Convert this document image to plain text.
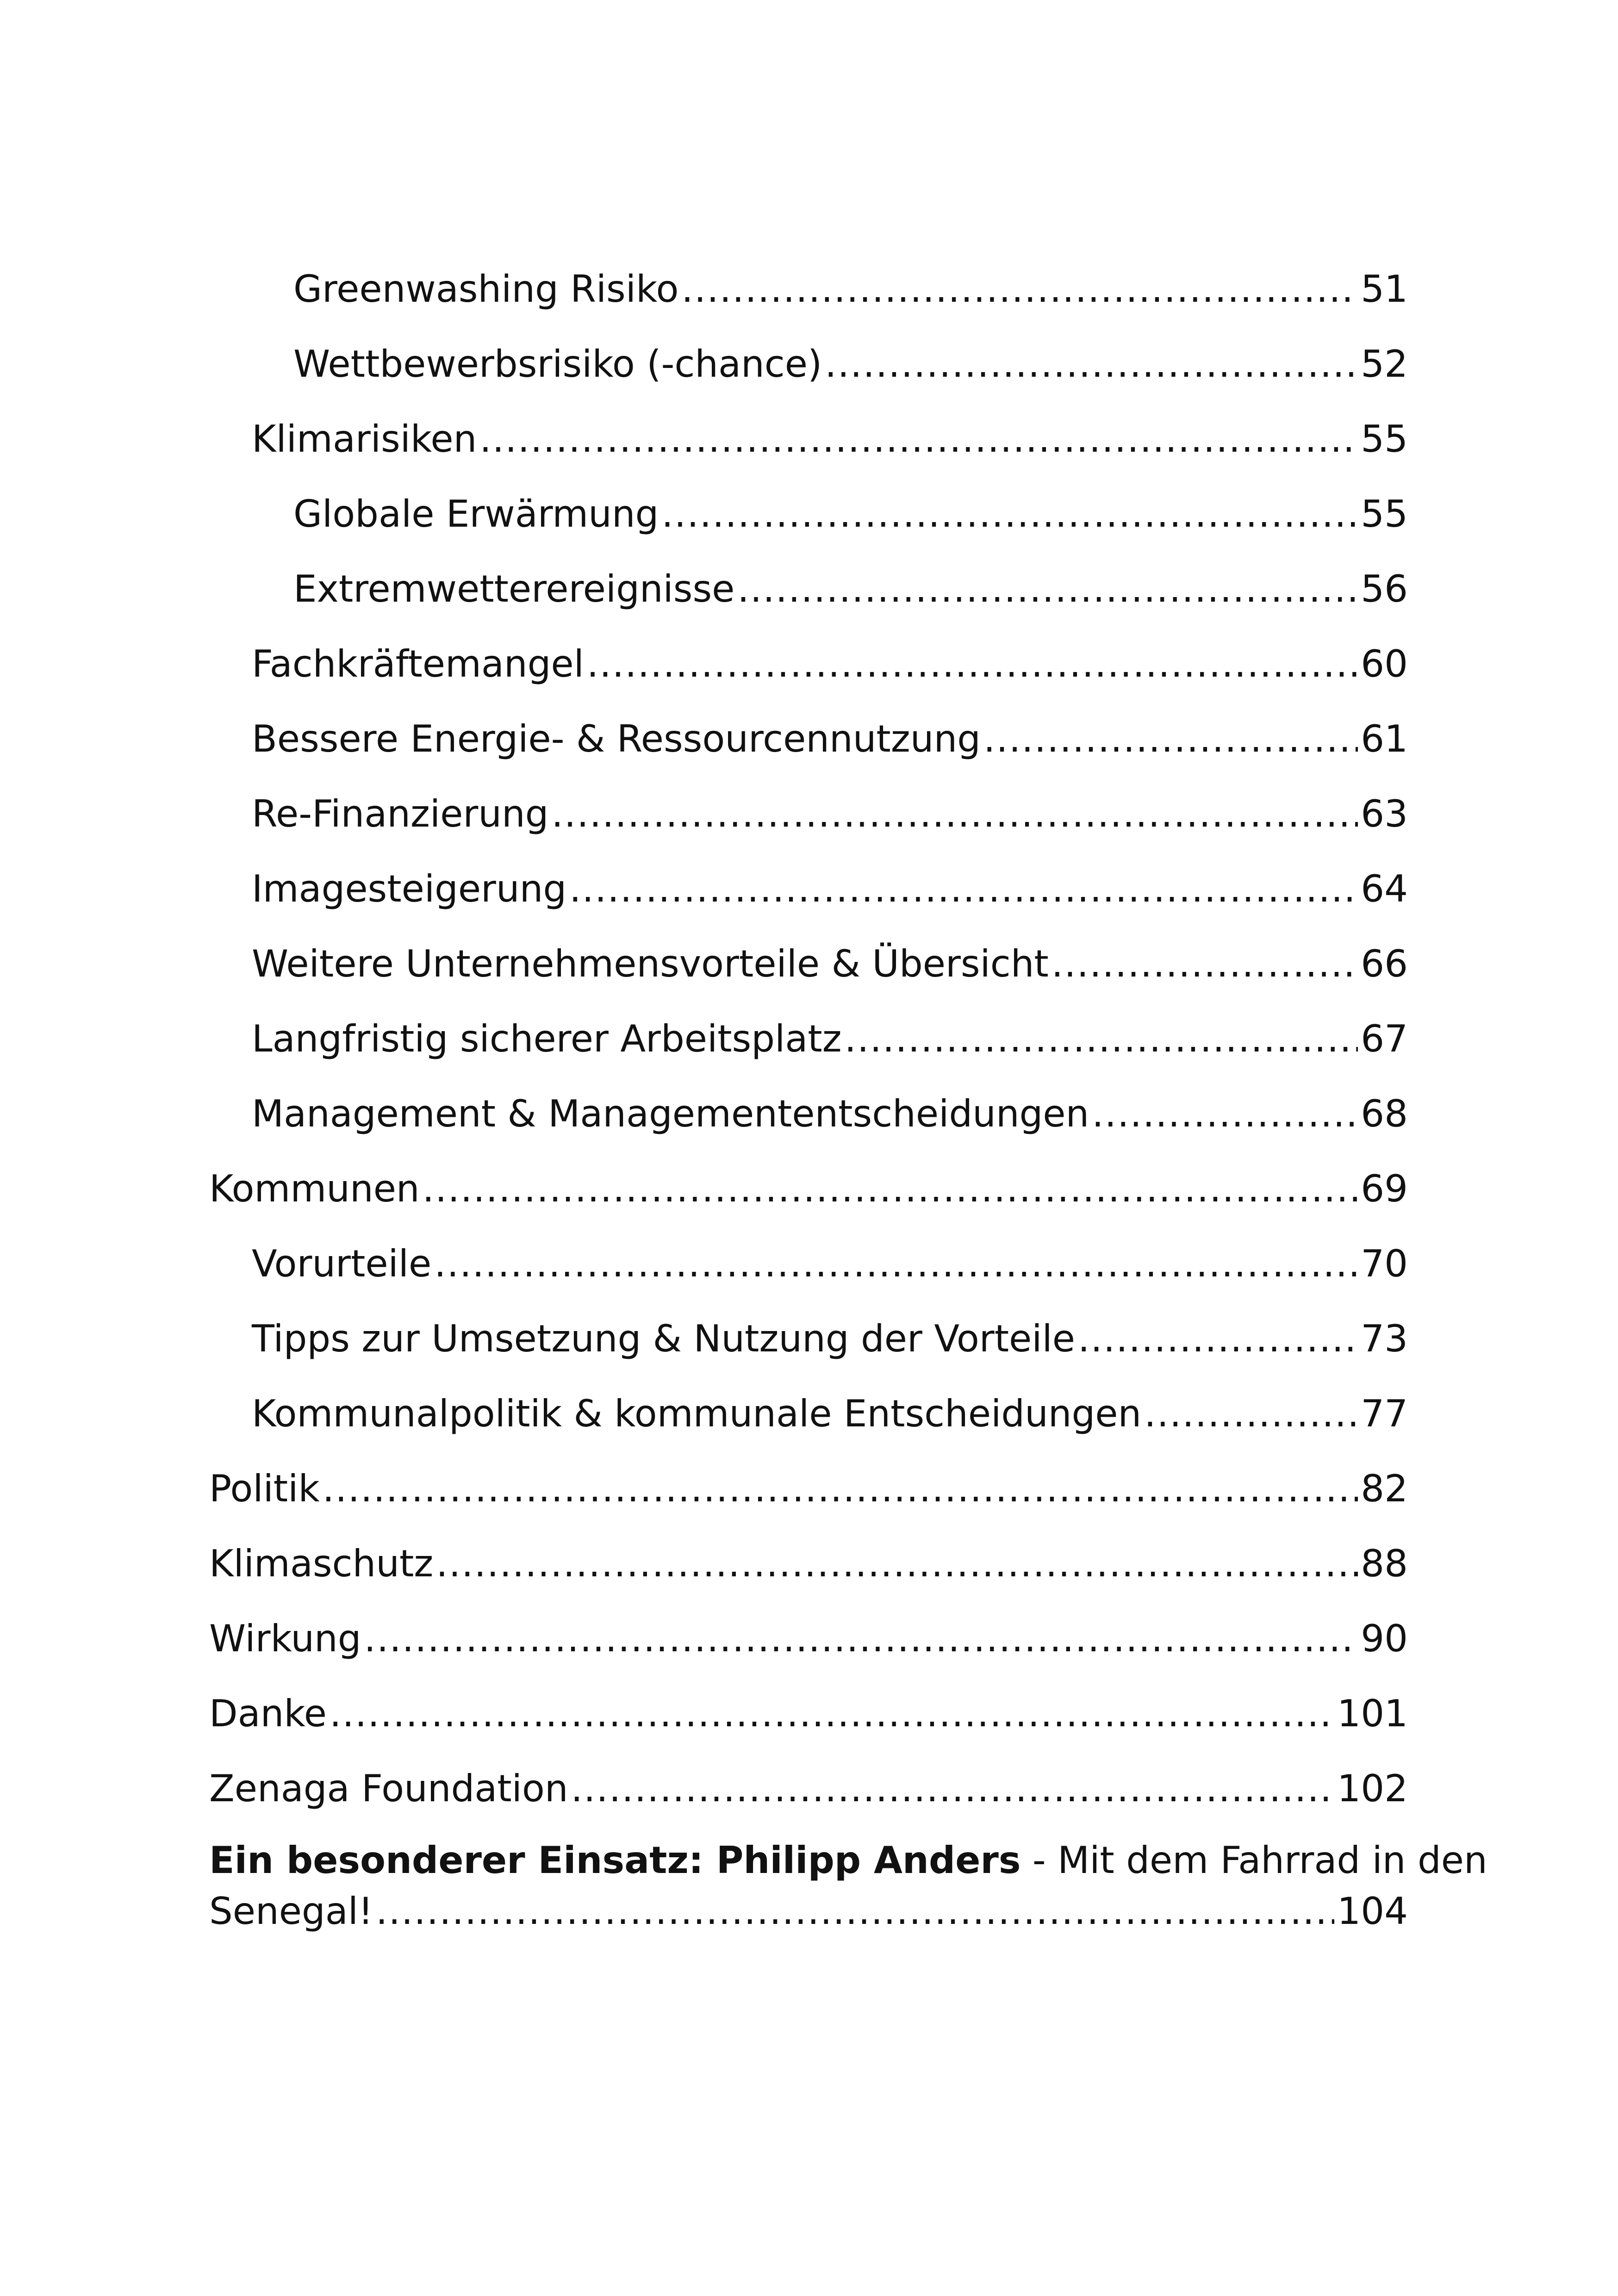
Greenwashing Risiko .....	51
Wettbewerbsrisiko (-chance) .....	52
Klimarisiken .....	55
Globale Erwärmung .....	55
Extremwetterereignisse .....	56
Fachkräftemangel .....	60
Bessere Energie- & Ressourcennutzung .....	61
Re-Finanzierung .....	63
Imagesteigerung .....	64
Weitere Unternehmensvorteile & Übersicht .....	66
Langfristig sicherer Arbeitsplatz .....	67
Management & Managemententscheidungen .....	68
Kommunen .....	69
Vorurteile .....	70
Tipps zur Umsetzung & Nutzung der Vorteile .....	73
Kommunalpolitik & kommunale Entscheidungen .....	77
Politik .....	82
Klimaschutz .....	88
Wirkung .....	90
Danke .....	101
Zenaga Foundation .....	102
Ein besonderer Einsatz: Philipp Anders - Mit dem Fahrrad in den
Senegal! .....	104
